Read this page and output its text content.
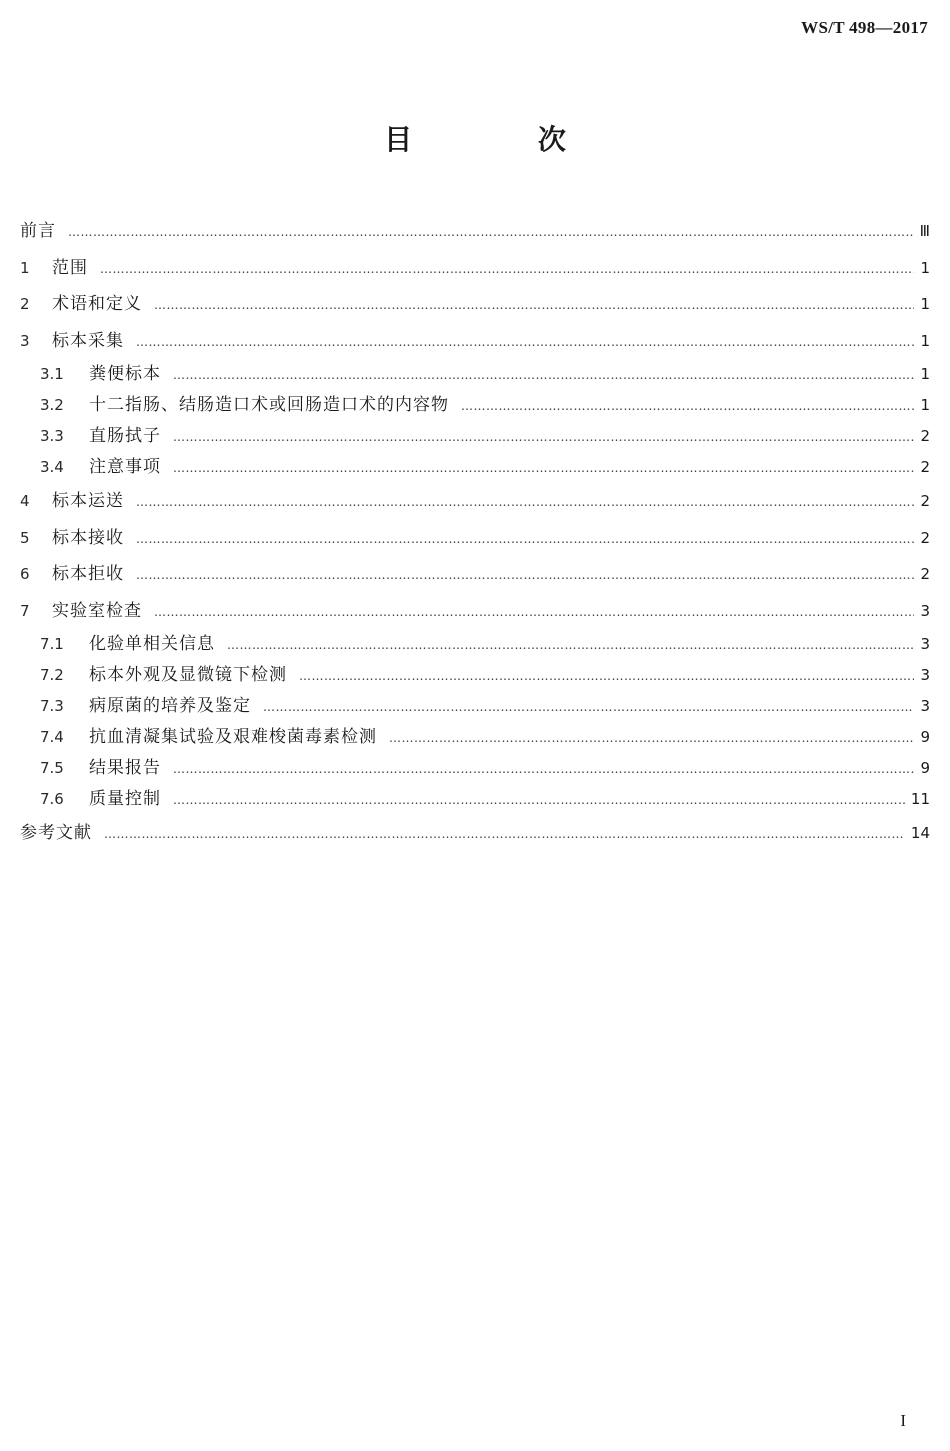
WS/T 498—2017
目 次
前言 ……………………………………………………………………………………………………………………………………………………………………………………	Ⅲ
1	范围 ……………………………………………………………………………………………………………………………………………………………………………………	1
2	术语和定义 ……………………………………………………………………………………………………………………………………………………………………………………	1
3	标本采集 ……………………………………………………………………………………………………………………………………………………………………………………	1
3.1	粪便标本 ……………………………………………………………………………………………………………………………………………………………………………………	1
3.2	十二指肠、结肠造口术或回肠造口术的内容物 ……………………………………………………………………………………………………………………………………………………………………………………	1
3.3	直肠拭子 ……………………………………………………………………………………………………………………………………………………………………………………	2
3.4	注意事项 ……………………………………………………………………………………………………………………………………………………………………………………	2
4	标本运送 ……………………………………………………………………………………………………………………………………………………………………………………	2
5	标本接收 ……………………………………………………………………………………………………………………………………………………………………………………	2
6	标本拒收 ……………………………………………………………………………………………………………………………………………………………………………………	2
7	实验室检查 ……………………………………………………………………………………………………………………………………………………………………………………	3
7.1	化验单相关信息 ……………………………………………………………………………………………………………………………………………………………………………………	3
7.2	标本外观及显微镜下检测 ……………………………………………………………………………………………………………………………………………………………………………………	3
7.3	病原菌的培养及鉴定 ……………………………………………………………………………………………………………………………………………………………………………………	3
7.4	抗血清凝集试验及艰难梭菌毒素检测 ……………………………………………………………………………………………………………………………………………………………………………………	9
7.5	结果报告 ……………………………………………………………………………………………………………………………………………………………………………………	9
7.6	质量控制 ……………………………………………………………………………………………………………………………………………………………………………………	11
参考文献 ……………………………………………………………………………………………………………………………………………………………………………………	14
I
